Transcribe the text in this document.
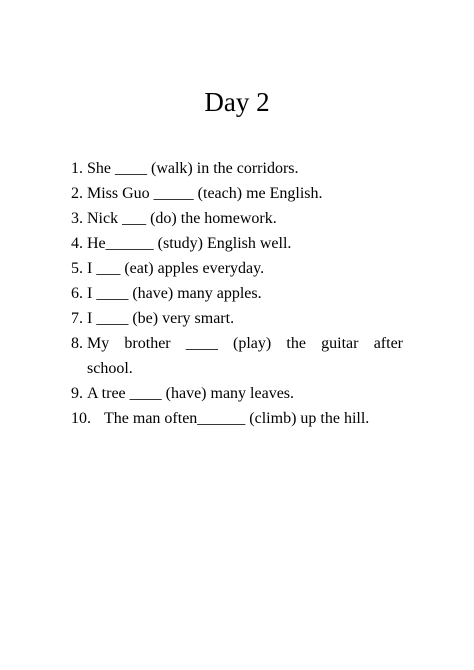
Day 2
1. She ____ (walk) in the corridors.
2. Miss Guo _____ (teach) me English.
3. Nick ___ (do) the homework.
4. He______ (study) English well.
5. I ___ (eat) apples everyday.
6. I ____ (have) many apples.
7. I ____ (be) very smart.
8. My brother ____ (play) the guitar after
school.
9. A tree ____ (have) many leaves.
10. The man often______ (climb) up the hill.
